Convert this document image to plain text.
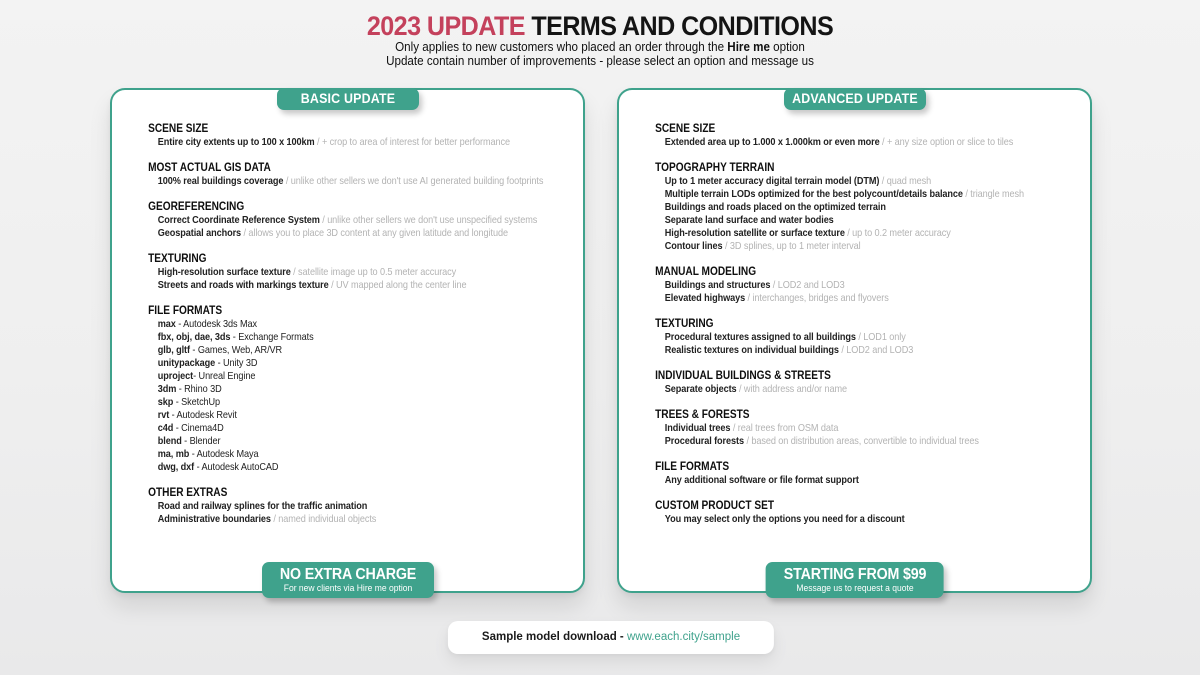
2023 UPDATE TERMS AND CONDITIONS
Only applies to new customers who placed an order through the Hire me option
Update contain number of improvements - please select an option and message us
BASIC UPDATE
SCENE SIZE
Entire city extents up to 100 x 100km / + crop to area of interest for better performance
MOST ACTUAL GIS DATA
100% real buildings coverage / unlike other sellers we don't use AI generated building footprints
GEOREFERENCING
Correct Coordinate Reference System / unlike other sellers we don't use unspecified systems
Geospatial anchors / allows you to place 3D content at any given latitude and longitude
TEXTURING
High-resolution surface texture / satellite image up to 0.5 meter accuracy
Streets and roads with markings texture / UV mapped along the center line
FILE FORMATS
max - Autodesk 3ds Max
fbx, obj, dae, 3ds - Exchange Formats
glb, gltf - Games, Web, AR/VR
unitypackage - Unity 3D
uproject- Unreal Engine
3dm - Rhino 3D
skp - SketchUp
rvt - Autodesk Revit
c4d - Cinema4D
blend - Blender
ma, mb - Autodesk Maya
dwg, dxf - Autodesk AutoCAD
OTHER EXTRAS
Road and railway splines for the traffic animation
Administrative boundaries / named individual objects
NO EXTRA CHARGE
For new clients via Hire me option
ADVANCED UPDATE
SCENE SIZE
Extended area up to 1.000 x 1.000km or even more / + any size option or slice to tiles
TOPOGRAPHY TERRAIN
Up to 1 meter accuracy digital terrain model (DTM) / quad mesh
Multiple terrain LODs optimized for the best polycount/details balance / triangle mesh
Buildings and roads placed on the optimized terrain
Separate land surface and water bodies
High-resolution satellite or surface texture / up to 0.2 meter accuracy
Contour lines / 3D splines, up to 1 meter interval
MANUAL MODELING
Buildings and structures / LOD2 and LOD3
Elevated highways / interchanges, bridges and flyovers
TEXTURING
Procedural textures assigned to all buildings / LOD1 only
Realistic textures on individual buildings / LOD2 and LOD3
INDIVIDUAL BUILDINGS & STREETS
Separate objects / with address and/or name
TREES & FORESTS
Individual trees / real trees from OSM data
Procedural forests / based on distribution areas, convertible to individual trees
FILE FORMATS
Any additional software or file format support
CUSTOM PRODUCT SET
You may select only the options you need for a discount
STARTING FROM $99
Message us to request a quote
Sample model download - www.each.city/sample
